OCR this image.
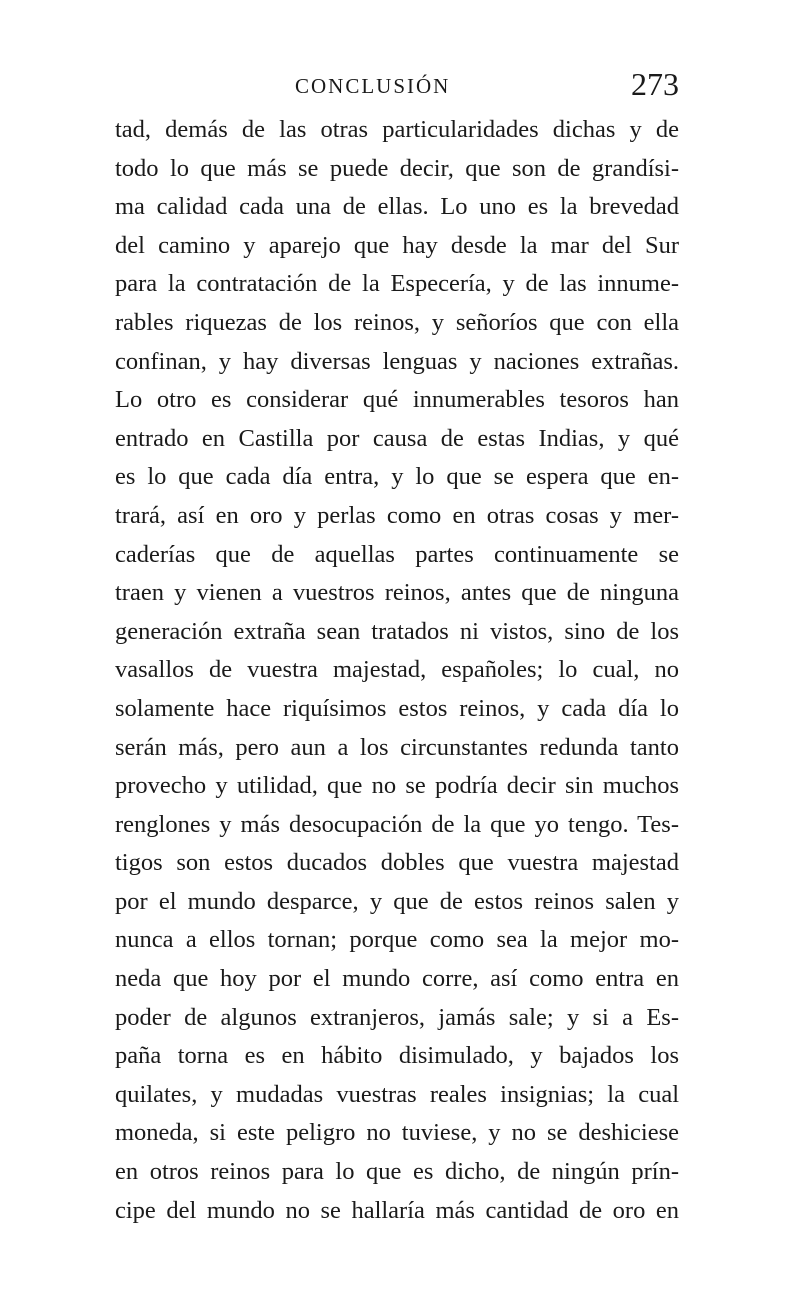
CONCLUSIÓN	273
tad, demás de las otras particularidades dichas y de
todo lo que más se puede decir, que son de grandísi-
ma calidad cada una de ellas. Lo uno es la brevedad
del camino y aparejo que hay desde la mar del Sur
para la contratación de la Especería, y de las innume-
rables riquezas de los reinos, y señoríos que con ella
confinan, y hay diversas lenguas y naciones extrañas.
Lo otro es considerar qué innumerables tesoros han
entrado en Castilla por causa de estas Indias, y qué
es lo que cada día entra, y lo que se espera que en-
trará, así en oro y perlas como en otras cosas y mer-
caderías que de aquellas partes continuamente se
traen y vienen a vuestros reinos, antes que de ninguna
generación extraña sean tratados ni vistos, sino de los
vasallos de vuestra majestad, españoles; lo cual, no
solamente hace riquísimos estos reinos, y cada día lo
serán más, pero aun a los circunstantes redunda tanto
provecho y utilidad, que no se podría decir sin muchos
renglones y más desocupación de la que yo tengo. Tes-
tigos son estos ducados dobles que vuestra majestad
por el mundo desparce, y que de estos reinos salen y
nunca a ellos tornan; porque como sea la mejor mo-
neda que hoy por el mundo corre, así como entra en
poder de algunos extranjeros, jamás sale; y si a Es-
paña torna es en hábito disimulado, y bajados los
quilates, y mudadas vuestras reales insignias; la cual
moneda, si este peligro no tuviese, y no se deshiciese
en otros reinos para lo que es dicho, de ningún prín-
cipe del mundo no se hallaría más cantidad de oro en
